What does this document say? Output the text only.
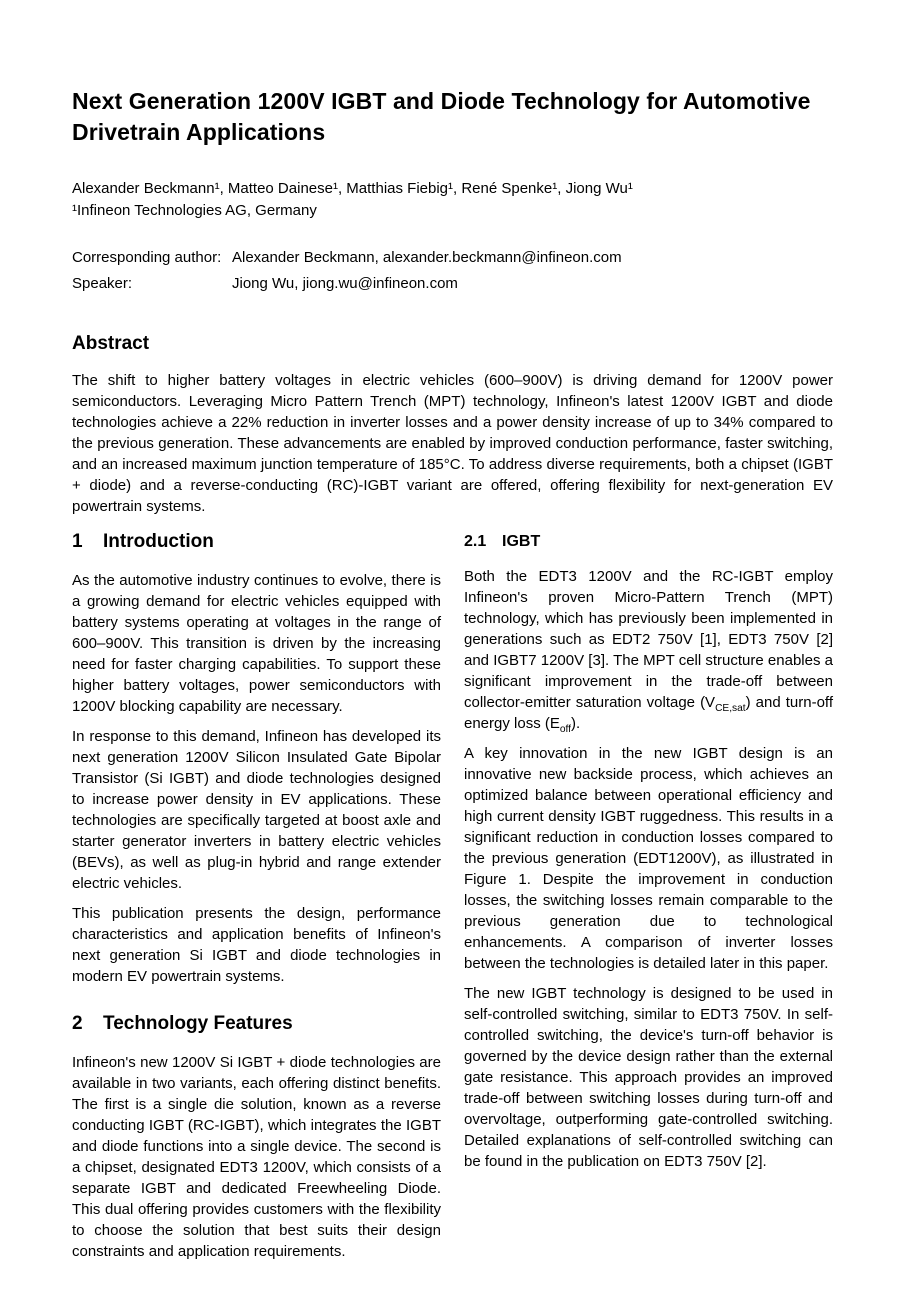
Next Generation 1200V IGBT and Diode Technology for Automotive Drivetrain Applications

Alexander Beckmann¹, Matteo Dainese¹, Matthias Fiebig¹, René Spenke¹, Jiong Wu¹

¹Infineon Technologies AG, Germany

Corresponding author: Alexander Beckmann, alexander.beckmann@infineon.com
Speaker:	Jiong Wu, jiong.wu@infineon.com
Abstract

The shift to higher battery voltages in electric vehicles (600–900V) is driving demand for 1200V power semiconductors. Leveraging Micro Pattern Trench (MPT) technology, Infineon's latest 1200V IGBT and diode technologies achieve a 22% reduction in inverter losses and a power density increase of up to 34% compared to the previous generation. These advancements are enabled by improved conduction performance, faster switching, and an increased maximum junction temperature of 185°C. To address diverse requirements, both a chipset (IGBT + diode) and a reverse-conducting (RC)-IGBT variant are offered, offering flexibility for next-generation EV powertrain systems.

1 Introduction

As the automotive industry continues to evolve, there is a growing demand for electric vehicles equipped with battery systems operating at voltages in the range of 600–900V. This transition is driven by the increasing need for faster charging capabilities. To support these higher battery voltages, power semiconductors with 1200V blocking capability are necessary.

In response to this demand, Infineon has developed its next generation 1200V Silicon Insulated Gate Bipolar Transistor (Si IGBT) and diode technologies designed to increase power density in EV applications. These technologies are specifically targeted at boost axle and starter generator inverters in battery electric vehicles (BEVs), as well as plug-in hybrid and range extender electric vehicles.

This publication presents the design, performance characteristics and application benefits of Infineon's next generation Si IGBT and diode technologies in modern EV powertrain systems.

2 Technology Features

Infineon's new 1200V Si IGBT + diode technologies are available in two variants, each offering distinct benefits. The first is a single die solution, known as a reverse conducting IGBT (RC-IGBT), which integrates the IGBT and diode functions into a single device. The second is a chipset, designated EDT3 1200V, which consists of a separate IGBT and dedicated Freewheeling Diode. This dual offering provides customers with the flexibility to choose the solution that best suits their design constraints and application requirements.

2.1 IGBT

Both the EDT3 1200V and the RC-IGBT employ Infineon's proven Micro-Pattern Trench (MPT) technology, which has previously been implemented in generations such as EDT2 750V [1], EDT3 750V [2] and IGBT7 1200V [3]. The MPT cell structure enables a significant improvement in the trade-off between collector-emitter saturation voltage $(V_{CE,sat})$ and turn-off energy loss $(E_{off})$.

A key innovation in the new IGBT design is an innovative new backside process, which achieves an optimized balance between operational efficiency and high current density IGBT ruggedness. This results in a significant reduction in conduction losses compared to the previous generation (EDT1200V), as illustrated in Figure 1. Despite the improvement in conduction losses, the switching losses remain comparable to the previous generation due to technological enhancements. A comparison of inverter losses between the technologies is detailed later in this paper.

The new IGBT technology is designed to be used in self-controlled switching, similar to EDT3 750V. In self-controlled switching, the device's turn-off behavior is governed by the device design rather than the external gate resistance. This approach provides an improved trade-off between switching losses during turn-off and overvoltage, outperforming gate-controlled switching. Detailed explanations of self-controlled switching can be found in the publication on EDT3 750V [2].
